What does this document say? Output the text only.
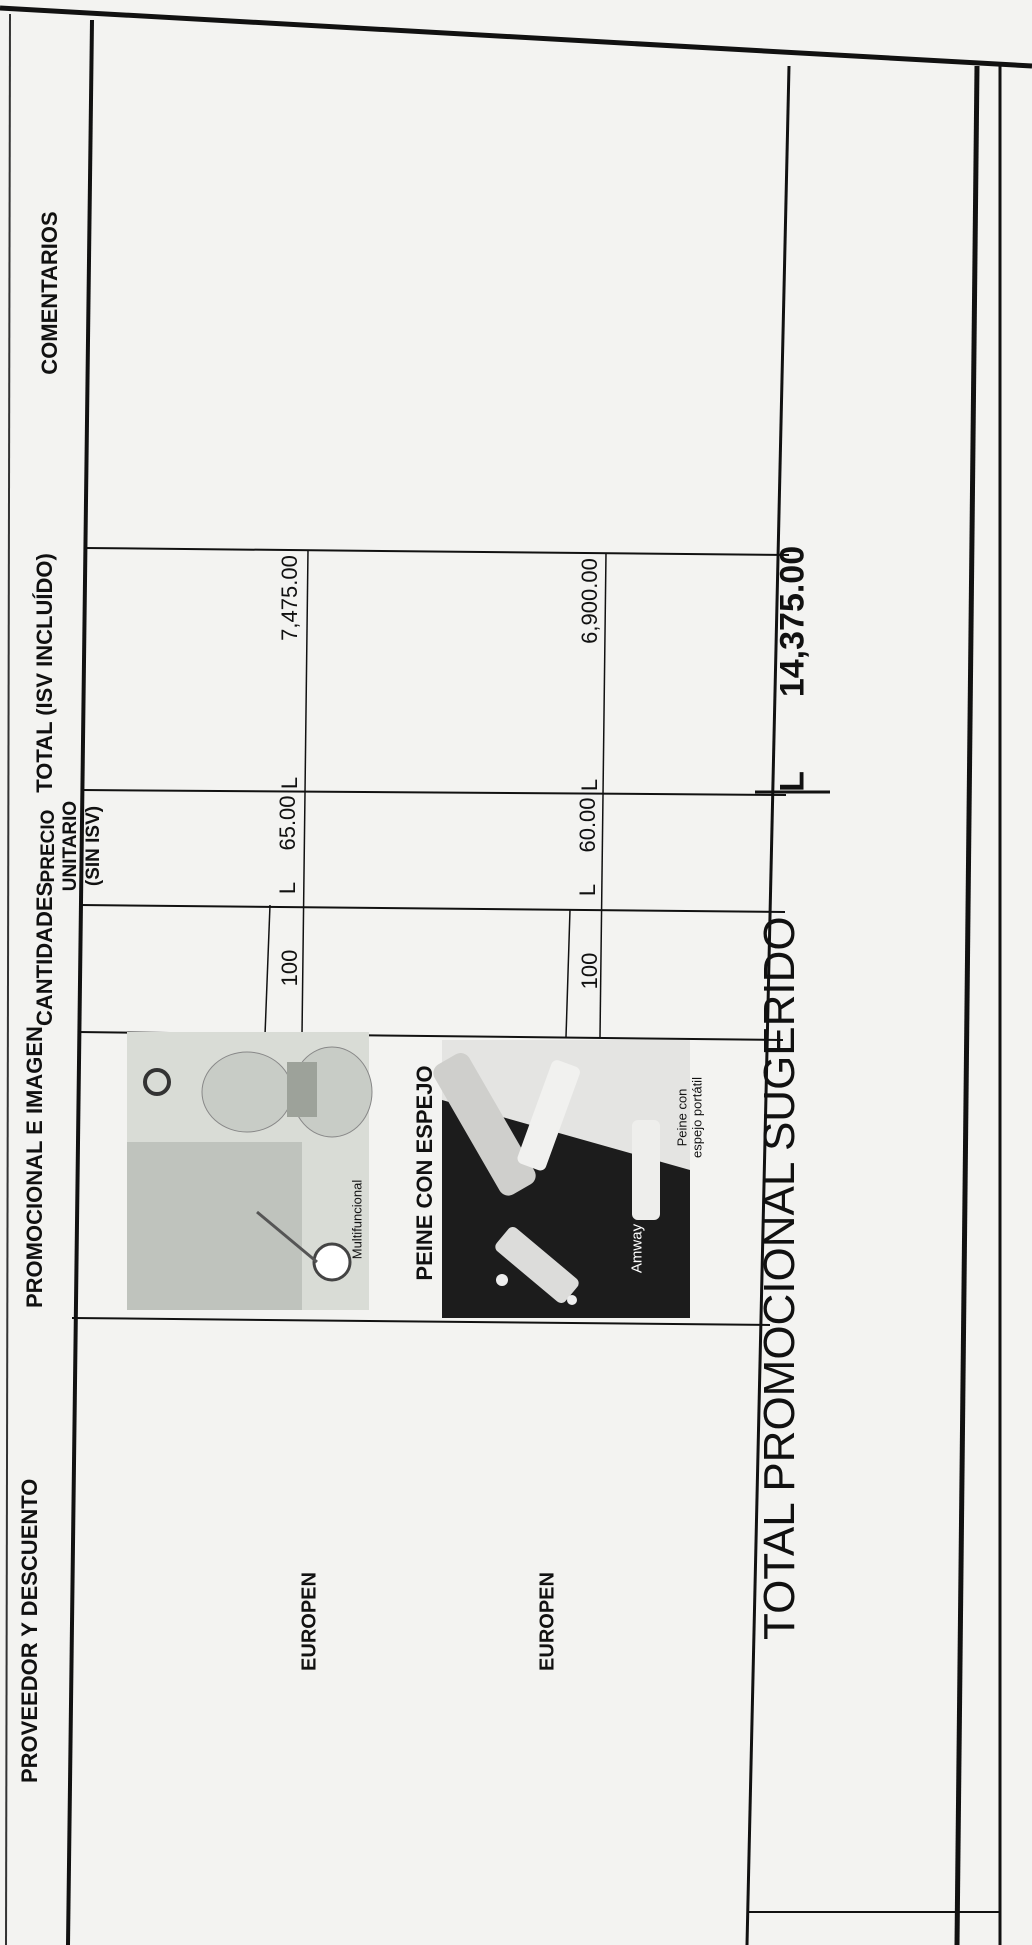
PROVEEDOR Y DESCUENTO
PROMOCIONAL E IMAGEN
CANTIDADES
PRECIO UNITARIO (SIN ISV)
TOTAL (ISV INCLUÍDO)
COMENTARIOS
EUROPEN
Multifuncional
100
L
65.00
L
7,475.00
EUROPEN
PEINE CON ESPEJO	Amway
Peine con espejo portátil
100
L
60.00
L
6,900.00
TOTAL PROMOCIONAL SUGERIDO
L
14,375.00
